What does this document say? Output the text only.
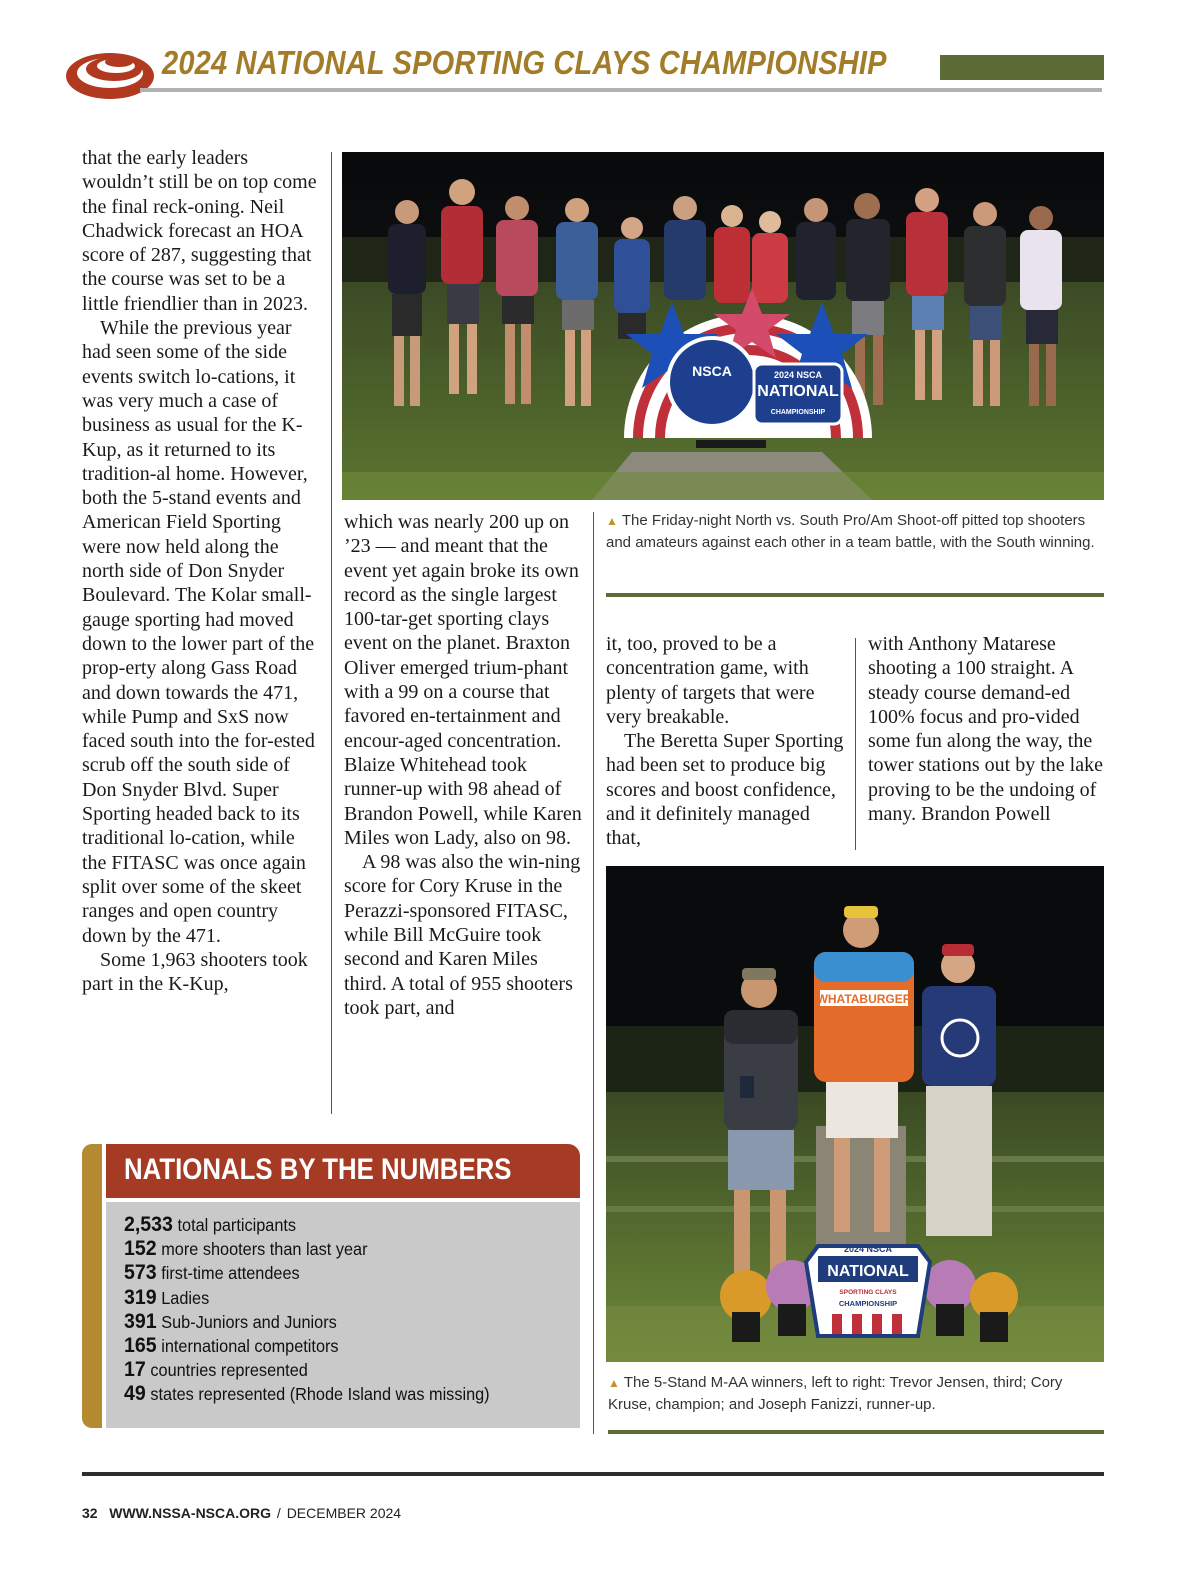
2024 NATIONAL SPORTING CLAYS CHAMPIONSHIP

that the early leaders wouldn’t still be on top come the final reck-oning. Neil Chadwick forecast an HOA score of 287, suggesting that the course was set to be a little friendlier than in 2023.

While the previous year had seen some of the side events switch lo-cations, it was very much a case of business as usual for the K-Kup, as it returned to its tradition-al home. However, both the 5-stand events and American Field Sporting were now held along the north side of Don Snyder Boulevard. The Kolar small-gauge sporting had moved down to the lower part of the prop-erty along Gass Road and down towards the 471, while Pump and SxS now faced south into the for-ested scrub off the south side of Don Snyder Blvd. Super Sporting headed back to its traditional lo-cation, while the FITASC was once again split over some of the skeet ranges and open country down by the 471.

Some 1,963 shooters took part in the K-Kup,

NSCA	2024 NSCA
NATIONAL
CHAMPIONSHIP
▲ The Friday-night North vs. South Pro/Am Shoot-off pitted top shooters and amateurs against each other in a team battle, with the South winning.

which was nearly 200 up on ’23 — and meant that the event yet again broke its own record as the single largest 100-tar-get sporting clays event on the planet. Braxton Oliver emerged trium-phant with a 99 on a course that favored en-tertainment and encour-aged concentration. Blaize Whitehead took runner-up with 98 ahead of Brandon Powell, while Karen Miles won Lady, also on 98.

A 98 was also the win-ning score for Cory Kruse in the Perazzi-sponsored FITASC, while Bill McGuire took second and Karen Miles third. A total of 955 shooters took part, and

it, too, proved to be a concentration game, with plenty of targets that were very breakable.

The Beretta Super Sporting had been set to produce big scores and boost confidence, and it definitely managed that,

with Anthony Matarese shooting a 100 straight. A steady course demand-ed 100% focus and pro-vided some fun along the way, the tower stations out by the lake proving to be the undoing of many. Brandon Powell

WHATABURGER
2024 NSCA
NATIONAL
SPORTING CLAYS
CHAMPIONSHIP
▲ The 5-Stand M-AA winners, left to right: Trevor Jensen, third; Cory Kruse, champion; and Joseph Fanizzi, runner-up.
NATIONALS BY THE NUMBERS
2,533 total participants
152 more shooters than last year
573 first-time attendees
319 Ladies
391 Sub-Juniors and Juniors
165 international competitors
17 countries represented
49 states represented (Rhode Island was missing)
32 WWW.NSSA-NSCA.ORG / DECEMBER 2024
